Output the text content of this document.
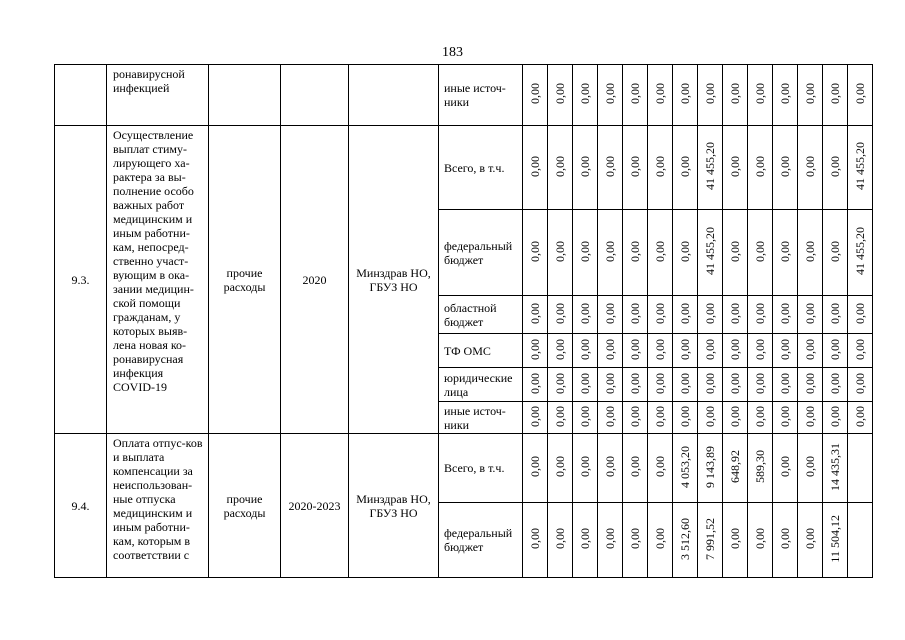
183

	ронавирусной инфекцией				иные источ-ники	0,00	0,00	0,00	0,00	0,00	0,00	0,00	0,00	0,00	0,00	0,00	0,00	0,00	0,00
9.3.	Осуществление выплат стиму-лирующего ха-рактера за вы-полнение особо важных работ медицинским и иным работни-кам, непосред-ственно участ-вующим в ока-зании медицин-ской помощи гражданам, у которых выяв-лена новая ко-ронавирусная инфекция COVID-19	прочие расходы	2020	Минздрав НО, ГБУЗ НО	Всего, в т.ч.	0,00	0,00	0,00	0,00	0,00	0,00	0,00	41 455,20	0,00	0,00	0,00	0,00	0,00	41 455,20
					федеральный бюджет	0,00	0,00	0,00	0,00	0,00	0,00	0,00	41 455,20	0,00	0,00	0,00	0,00	0,00	41 455,20
					областной бюджет	0,00	0,00	0,00	0,00	0,00	0,00	0,00	0,00	0,00	0,00	0,00	0,00	0,00	0,00
					ТФ ОМС	0,00	0,00	0,00	0,00	0,00	0,00	0,00	0,00	0,00	0,00	0,00	0,00	0,00	0,00
					юридические лица	0,00	0,00	0,00	0,00	0,00	0,00	0,00	0,00	0,00	0,00	0,00	0,00	0,00	0,00
					иные источ-ники	0,00	0,00	0,00	0,00	0,00	0,00	0,00	0,00	0,00	0,00	0,00	0,00	0,00	0,00
9.4.	Оплата отпус-ков и выплата компенсации за неиспользован-ные отпуска медицинским и иным работни-кам, которым в соответствии с	прочие расходы	2020-2023	Минздрав НО, ГБУЗ НО	Всего, в т.ч.	0,00	0,00	0,00	0,00	0,00	0,00	4 053,20	9 143,89	648,92	589,30	0,00	0,00	14 435,31	
					федеральный бюджет	0,00	0,00	0,00	0,00	0,00	0,00	3 512,60	7 991,52	0,00	0,00	0,00	0,00	11 504,12	
